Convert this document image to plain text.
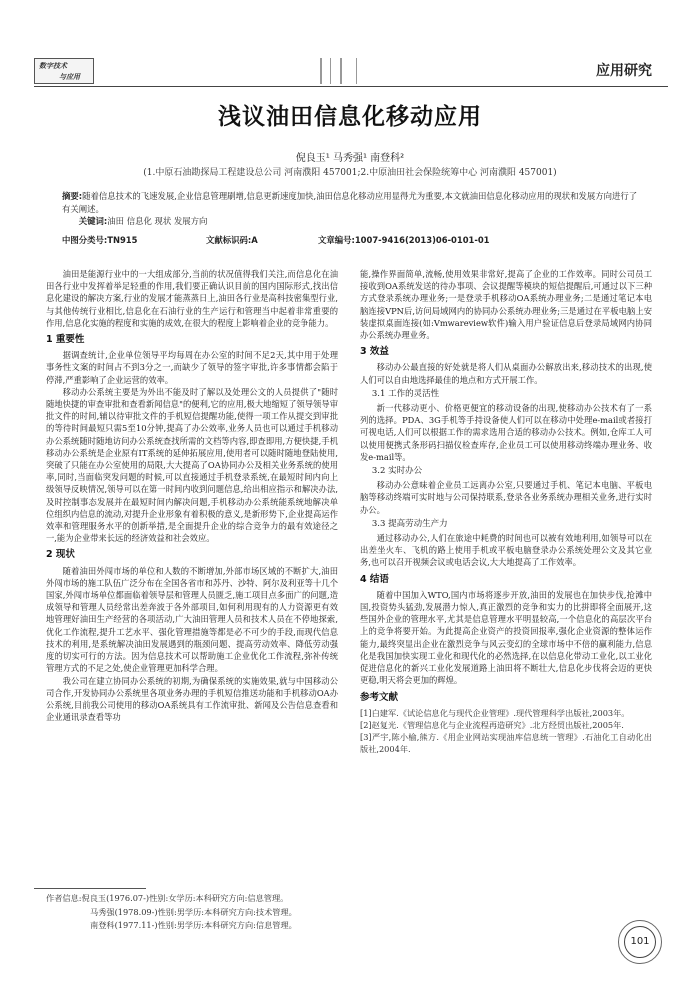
数字技术
与应用	应用研究
浅议油田信息化移动应用
倪良玉¹ 马秀强¹ 南登科²
(1.中原石油勘探局工程建设总公司 河南濮阳 457001;2.中原油田社会保险统筹中心 河南濮阳 457001)
摘要:随着信息技术的飞速发展,企业信息管理刷增,信息更新速度加快,油田信息化移动应用显得尤为重要,本文就油田信息化移动应用的现状和发展方向进行了有关阐述。
关键词:油田 信息化 现状 发展方向
中图分类号:TN915	文献标识码:A	文章编号:1007-9416(2013)06-0101-01

油田是能源行业中的一大组成部分,当前的状况值得我们关注,而信息化在油田各行业中发挥着举足轻重的作用,我们要正确认识目前的国内国际形式,找出信息化建设的解决方案,行业的发展才能蒸蒸日上,油田各行业是高科技密集型行业,与其他传统行业相比,信息化在石油行业的生产运行和管理当中起着非常重要的作用,信息化实施的程度和实施的成效,在很大的程度上影响着企业的竞争能力。

1 重要性

据调查统计,企业单位领导平均每周在办公室的时间不足2天,其中用于处理事务性文案的时间占不到3分之一,而缺少了领导的签字审批,许多事情都会陷于停滞,严重影响了企业运营的效率。

移动办公系统主要是为外出不能及时了解以及处理公文的人员提供了"随时随地快捷的审查审批和查看新闻信息"的便利,它的应用,极大地缩短了领导领导审批文件的时间,辅以待审批文件的手机短信提醒功能,使得一项工作从提交到审批的等待时间最短只需5至10分钟,提高了办公效率,业务人员也可以通过手机移动办公系统随时随地访问办公系统查找所需的文档等内容,即查即用,方便快捷,手机移动办公系统是企业原有IT系统的延伸拓展应用,使用者可以随时随地登陆使用,突破了只能在办公室使用的局限,大大提高了OA协同办公及相关业务系统的使用率,同时,当面临突发问题的时候,可以直接通过手机登录系统,在最短时间内向上级领导反映情况,领导可以在第一时间内收到问题信息,给出相应指示和解决办法,及时控制事态发展并在最短时间内解决问题,手机移动办公系统能系统地解决单位组织内信息的流动,对提升企业形象有着积极的意义,是新形势下,企业提高运作效率和管理服务水平的创新举措,是全面提升企业的综合竞争力的最有效途径之一,能为企业带来长远的经济效益和社会效应。

2 现状

随着油田外闯市场的单位和人数的不断增加,外部市场区域的不断扩大,油田外闯市场的施工队伍广泛分布在全国各省市和苏丹、沙特、阿尔及利亚等十几个国家,外闯市场单位都面临着领导层和管理人员匮乏,施工项目点多面广的问题,造成领导和管理人员经常出差奔波于各外部项目,如何利用现有的人力资源更有效地管理好油田生产经营的各项活动,广大油田管理人员和技术人员在不停地探索,优化工作流程,提升工艺水平、强化管理措施等都是必不可少的手段,而现代信息技术的利用,是系统解决油田发展遇到的瓶颈问题、提高劳动效率、降低劳动强度的切实可行的方法。因为信息技术可以帮助施工企业优化工作流程,弥补传统管理方式的不足之处,使企业管理更加科学合理。

我公司在建立协同办公系统的初期,为确保系统的实施效果,就与中国移动公司合作,开发协同办公系统里各项业务办理的手机短信推送功能和手机移动OA办公系统,目前我公司使用的移动OA系统具有工作流审批、新闻及公告信息查看和企业通讯录查看等功

能,操作界面简单,流畅,使用效果非常好,提高了企业的工作效率。同时公司员工接收到OA系统发送的待办事项、会议提醒等模块的短信提醒后,可通过以下三种方式登录系统办理业务;一是登录手机移动OA系统办理业务;二是通过笔记本电脑连接VPN后,访问局域网内的协同办公系统办理业务;三是通过在平板电脑上安装虚拟桌面连接(如:Vmwareview软件)输入用户验证信息后登录局域网内协同办公系统办理业务。

3 效益

移动办公最直接的好处就是将人们从桌面办公解放出来,移动技术的出现,使人们可以自由地选择最佳的地点和方式开展工作。

3.1 工作的灵活性

新一代移动更小、价格更便宜的移动设备的出现,使移动办公技术有了一系列的选择。PDA、3G手机等手持设备使人们可以在移动中处理e-mail或者接打可视电话,人们可以根据工作的需求选用合适的移动办公技术。例如,仓库工人可以使用便携式条形码扫描仪检查库存,企业员工可以使用移动终端办理业务、收发e-mail等。

3.2 实时办公

移动办公意味着企业员工远离办公室,只要通过手机、笔记本电脑、平板电脑等移动终端可实时地与公司保持联系,登录各业务系统办理相关业务,进行实时办公。

3.3 提高劳动生产力

通过移动办公,人们在旅途中耗费的时间也可以被有效地利用,如领导可以在出差坐火车、飞机的路上使用手机或平板电脑登录办公系统处理公文及其它业务,也可以召开视频会议或电话会议,大大地提高了工作效率。

4 结语

随着中国加入WTO,国内市场将逐步开放,油田的发展也在加快步伐,抢滩中国,投资势头猛劲,发展潜力惊人,真正激烈的竞争和实力的比拼即将全面展开,这些国外企业的管理水平,尤其是信息管理水平明显较高,一个信息化的高层次平台上的竞争将要开始。为此提高企业资产的投资回报率,强化企业资源的整体运作能力,最终突显出企业在激烈竞争与风云变幻的全球市场中不倍的赢利能力,信息化是我国加快实现工业化和现代化的必然选择,在以信息化带动工业化,以工业化促进信息化的新兴工业化发展道路上油田将不断壮大,信息化步伐将会迈的更快更稳,明天将会更加的辉煌。

参考文献

[1]白建军.《试论信息化与现代企业管理》.现代管理科学出版社,2003年。

[2]赵复光.《管理信息化与企业流程再造研究》.北方经贸出版社,2005年.

[3]严宇,陈小榆,熊方.《用企业网站实现油库信息统一管理》.石油化工自动化出版社,2004年.

作者信息:倪良玉(1976.07-)性别:女学历:本科研究方向:信息管理。
马秀强(1978.09-)性别:男学历:本科研究方向:技术管理。
南登科(1977.11-)性别:男学历:本科研究方向:信息管理。
101
